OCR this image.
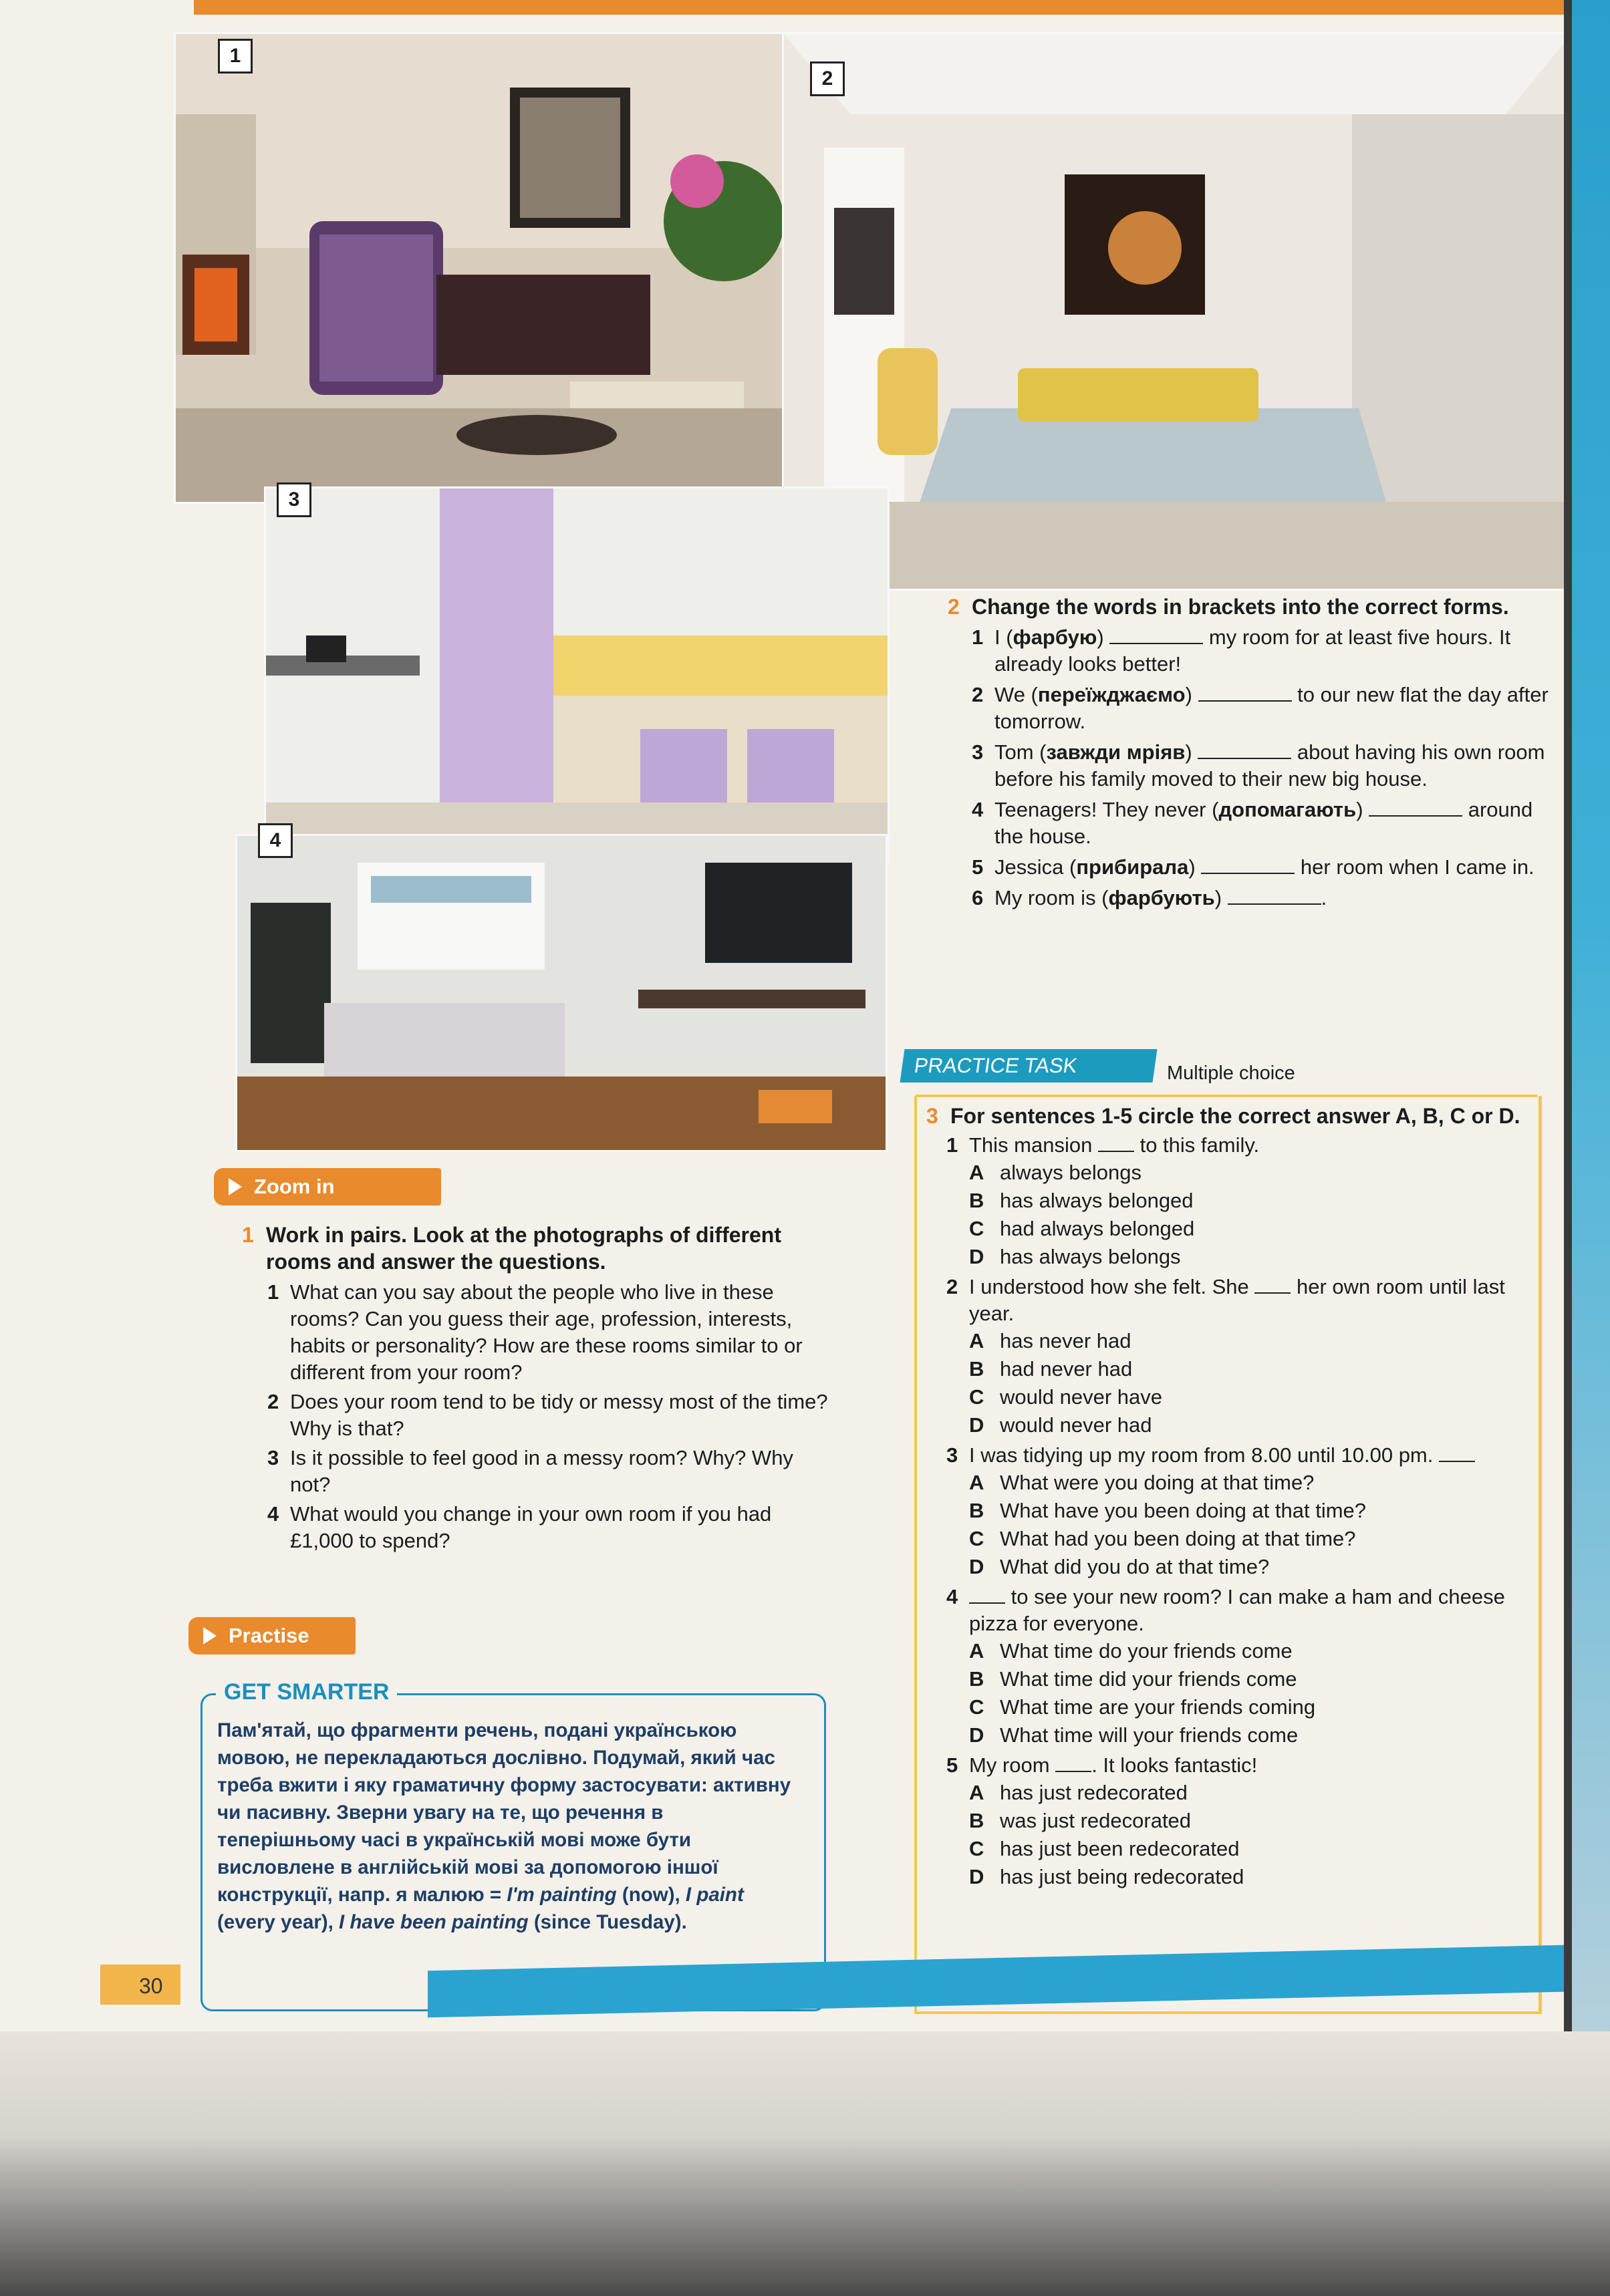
1
2
3
4
Zoom in
1 Work in pairs. Look at the photographs of different rooms and answer the questions.
1 What can you say about the people who live in these rooms? Can you guess their age, profession, interests, habits or personality? How are these rooms similar to or different from your room?
2 Does your room tend to be tidy or messy most of the time? Why is that?
3 Is it possible to feel good in a messy room? Why? Why not?
4 What would you change in your own room if you had £1,000 to spend?
Practise
GET SMARTER
Пам'ятай, що фрагменти речень, подані українською мовою, не перекладаються дослівно. Подумай, який час треба вжити і яку граматичну форму застосувати: активну чи пасивну. Зверни увагу на те, що речення в теперішньому часі в українській мові може бути висловлене в англійській мові за допомогою іншої конструкції, напр. я малюю = I'm painting (now), I paint (every year), I have been painting (since Tuesday).
2 Change the words in brackets into the correct forms.
1 I (фарбую)	my room for at least five hours. It already looks better!
2 We (переїжджаємо)	to our new flat the day after tomorrow.
3 Tom (завжди мріяв)	about having his own room before his family moved to their new big house.
4 Teenagers! They never (допомагають)	around the house.
5 Jessica (прибирала)	her room when I came in.
6 My room is (фарбують)	.
PRACTICE TASK	Multiple choice
3 For sentences 1-5 circle the correct answer A, B, C or D.
1 This mansion  to this family.
A always belongs
B has always belonged
C had always belonged
D has always belongs
2 I understood how she felt. She  her own room until last year.
A has never had
B had never had
C would never have
D would never had
3 I was tidying up my room from 8.00 until 10.00 pm.
A What were you doing at that time?
B What have you been doing at that time?
C What had you been doing at that time?
D What did you do at that time?
4 to see your new room? I can make a ham and cheese pizza for everyone.
A What time do your friends come
B What time did your friends come
C What time are your friends coming
D What time will your friends come
5 My room . It looks fantastic!
A has just redecorated
B was just redecorated
C has just been redecorated
D has just being redecorated
30
